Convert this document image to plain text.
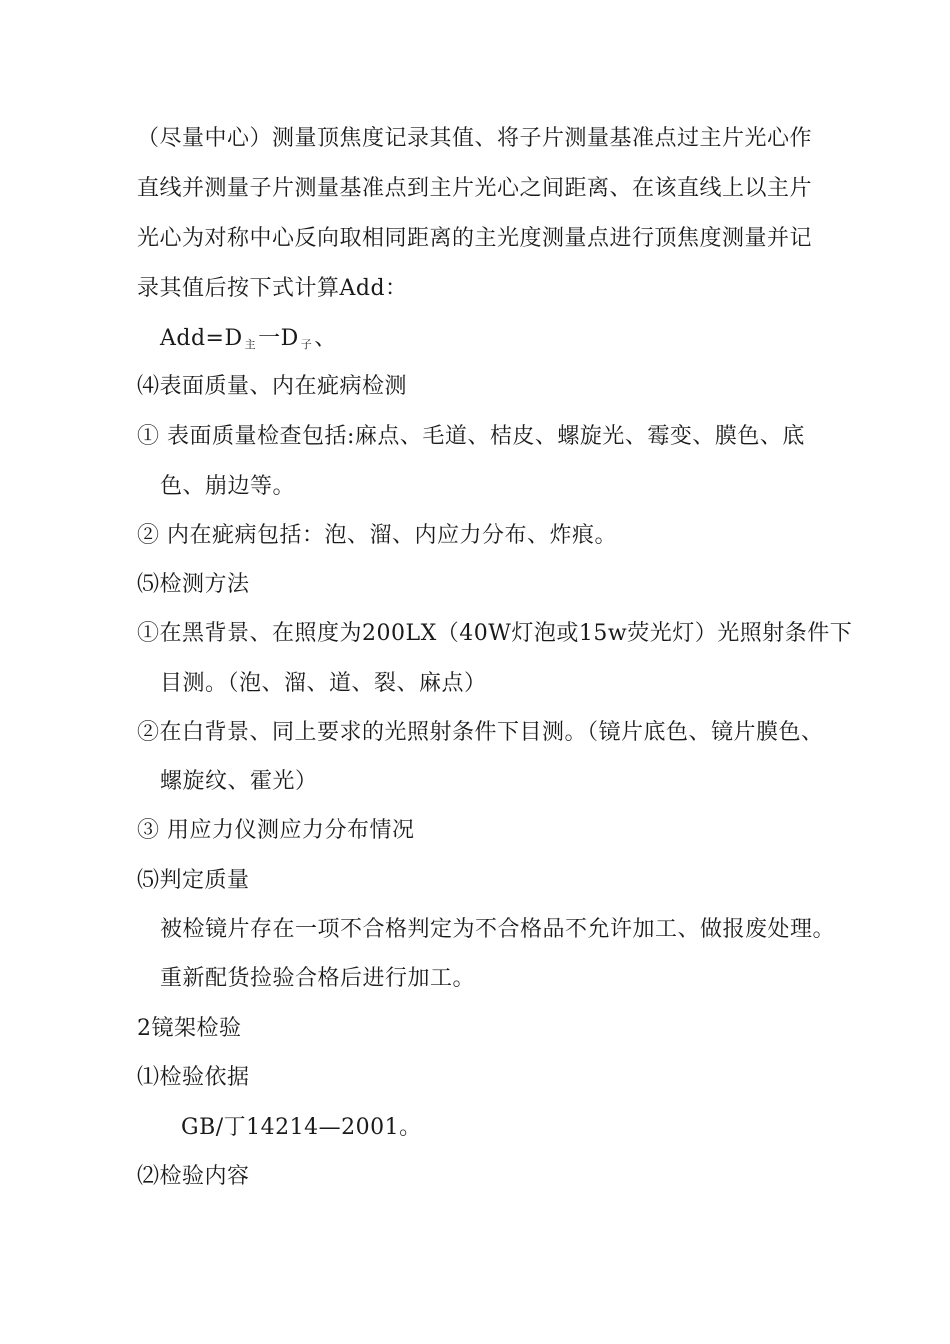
（尽量中心）测量顶焦度记录其值、将子片测量基准点过主片光心作
直线并测量子片测量基准点到主片光心之间距离、在该直线上以主片
光心为对称中心反向取相同距离的主光度测量点进行顶焦度测量并记
录其值后按下式计算Add：
Add=D 主一D 子、
⑷表面质量、内在疵病检测
① 表面质量检查包括:麻点、毛道、桔皮、螺旋光、霉变、膜色、底
色、崩边等。
② 内在疵病包括：泡、溜、内应力分布、炸痕。
⑸检测方法
①在黑背景、在照度为200LX（40W灯泡或15w荧光灯）光照射条件下
目测。（泡、溜、道、裂、麻点）
②在白背景、同上要求的光照射条件下目测。（镜片底色、镜片膜色、
螺旋纹、霍光）
③ 用应力仪测应力分布情况
⑸判定质量
被检镜片存在一项不合格判定为不合格品不允许加工、做报废处理。
重新配货捡验合格后进行加工。
2镜架检验
⑴检验依据
GB/丁14214—2001。
⑵检验内容
